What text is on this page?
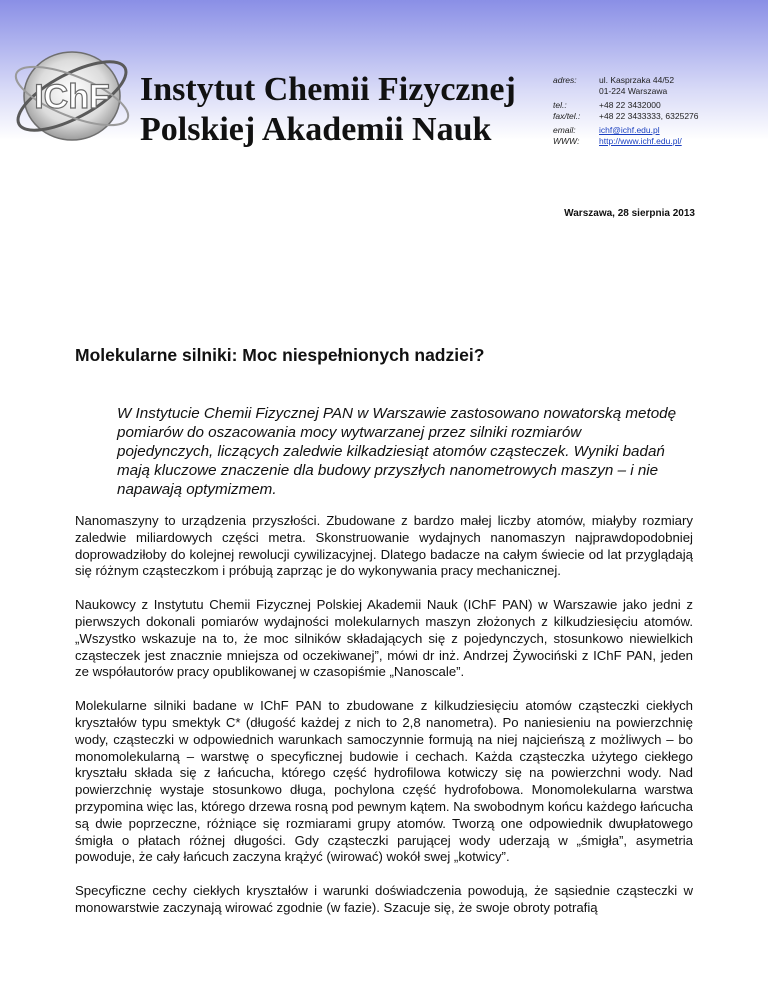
IChF Instytut Chemii Fizycznej
Polskiej Akademii Nauk
adres:	ul. Kasprzaka 44/52
01-224 Warszawa
tel.:	+48 22 3432000
fax/tel.:	+48 22 3433333, 6325276
email:	ichf@ichf.edu.pl
WWW:	http://www.ichf.edu.pl/
Warszawa, 28 sierpnia 2013
Molekularne silniki: Moc niespełnionych nadziei?

W Instytucie Chemii Fizycznej PAN w Warszawie zastosowano nowatorską metodę pomiarów do oszacowania mocy wytwarzanej przez silniki rozmiarów pojedynczych, liczących zaledwie kilkadziesiąt atomów cząsteczek. Wyniki badań mają kluczowe znaczenie dla budowy przyszłych nanometrowych maszyn – i nie napawają optymizmem.

Nanomaszyny to urządzenia przyszłości. Zbudowane z bardzo małej liczby atomów, miałyby rozmiary zaledwie miliardowych części metra. Skonstruowanie wydajnych nanomaszyn najprawdopodobniej doprowadziłoby do kolejnej rewolucji cywilizacyjnej. Dlatego badacze na całym świecie od lat przyglądają się różnym cząsteczkom i próbują zaprząc je do wykonywania pracy mechanicznej.

Naukowcy z Instytutu Chemii Fizycznej Polskiej Akademii Nauk (IChF PAN) w Warszawie jako jedni z pierwszych dokonali pomiarów wydajności molekularnych maszyn złożonych z kilkudziesięciu atomów. „Wszystko wskazuje na to, że moc silników składających się z pojedynczych, stosunkowo niewielkich cząsteczek jest znacznie mniejsza od oczekiwanej”, mówi dr inż. Andrzej Żywociński z IChF PAN, jeden ze współautorów pracy opublikowanej w czasopiśmie „Nanoscale”.

Molekularne silniki badane w IChF PAN to zbudowane z kilkudziesięciu atomów cząsteczki ciekłych kryształów typu smektyk C* (długość każdej z nich to 2,8 nanometra). Po naniesieniu na powierzchnię wody, cząsteczki w odpowiednich warunkach samoczynnie formują na niej najcieńszą z możliwych – bo monomolekularną – warstwę o specyficznej budowie i cechach. Każda cząsteczka użytego ciekłego kryształu składa się z łańcucha, którego część hydrofilowa kotwiczy się na powierzchni wody. Nad powierzchnię wystaje stosunkowo długa, pochylona część hydrofobowa. Monomolekularna warstwa przypomina więc las, którego drzewa rosną pod pewnym kątem. Na swobodnym końcu każdego łańcucha są dwie poprzeczne, różniące się rozmiarami grupy atomów. Tworzą one odpowiednik dwupłatowego śmigła o płatach różnej długości. Gdy cząsteczki parującej wody uderzają w „śmigła”, asymetria powoduje, że cały łańcuch zaczyna krążyć (wirować) wokół swej „kotwicy”.

Specyficzne cechy ciekłych kryształów i warunki doświadczenia powodują, że sąsiednie cząsteczki w monowarstwie zaczynają wirować zgodnie (w fazie). Szacuje się, że swoje obroty potrafią
